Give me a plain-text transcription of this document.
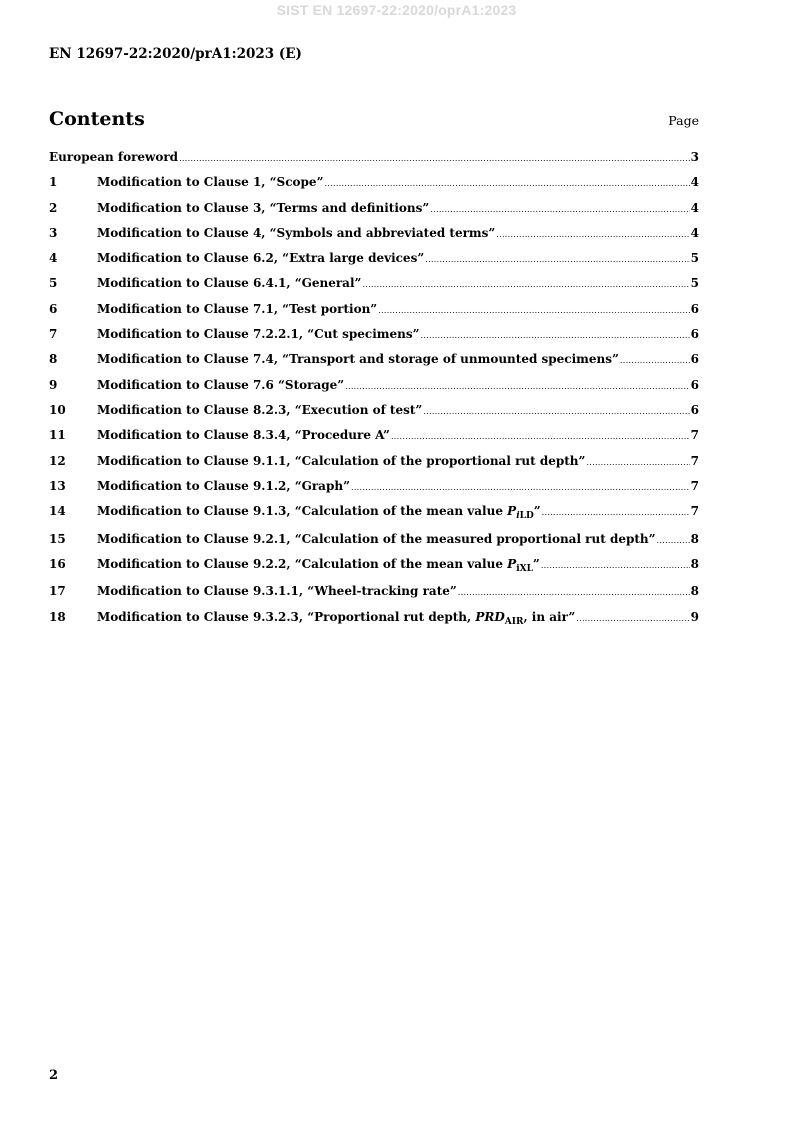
SIST EN 12697-22:2020/oprA1:2023
EN 12697-22:2020/prA1:2023 (E)
Contents	Page
European foreword .....	3
1	Modification to Clause 1, “Scope” .....	4
2	Modification to Clause 3, “Terms and definitions” .....	4
3	Modification to Clause 4, “Symbols and abbreviated terms” .....	4
4	Modification to Clause 6.2, “Extra large devices” .....	5
5	Modification to Clause 6.4.1, “General” .....	5
6	Modification to Clause 7.1, “Test portion” .....	6
7	Modification to Clause 7.2.2.1, “Cut specimens” .....	6
8	Modification to Clause 7.4, “Transport and storage of unmounted specimens” .....	6
9	Modification to Clause 7.6 “Storage” .....	6
10	Modification to Clause 8.2.3, “Execution of test” .....	6
11	Modification to Clause 8.3.4, “Procedure A” .....	7
12	Modification to Clause 9.1.1, “Calculation of the proportional rut depth” .....	7
13	Modification to Clause 9.1.2, “Graph” .....	7
14	Modification to Clause 9.1.3, “Calculation of the mean value $P_{iLD}$” .....	7
15	Modification to Clause 9.2.1, “Calculation of the measured proportional rut depth” .....	8
16	Modification to Clause 9.2.2, “Calculation of the mean value $P_{iXL}$” .....	8
17	Modification to Clause 9.3.1.1, “Wheel-tracking rate” .....	8
18	Modification to Clause 9.3.2.3, “Proportional rut depth, $PRD_{AIR}$, in air” .....	9
2
